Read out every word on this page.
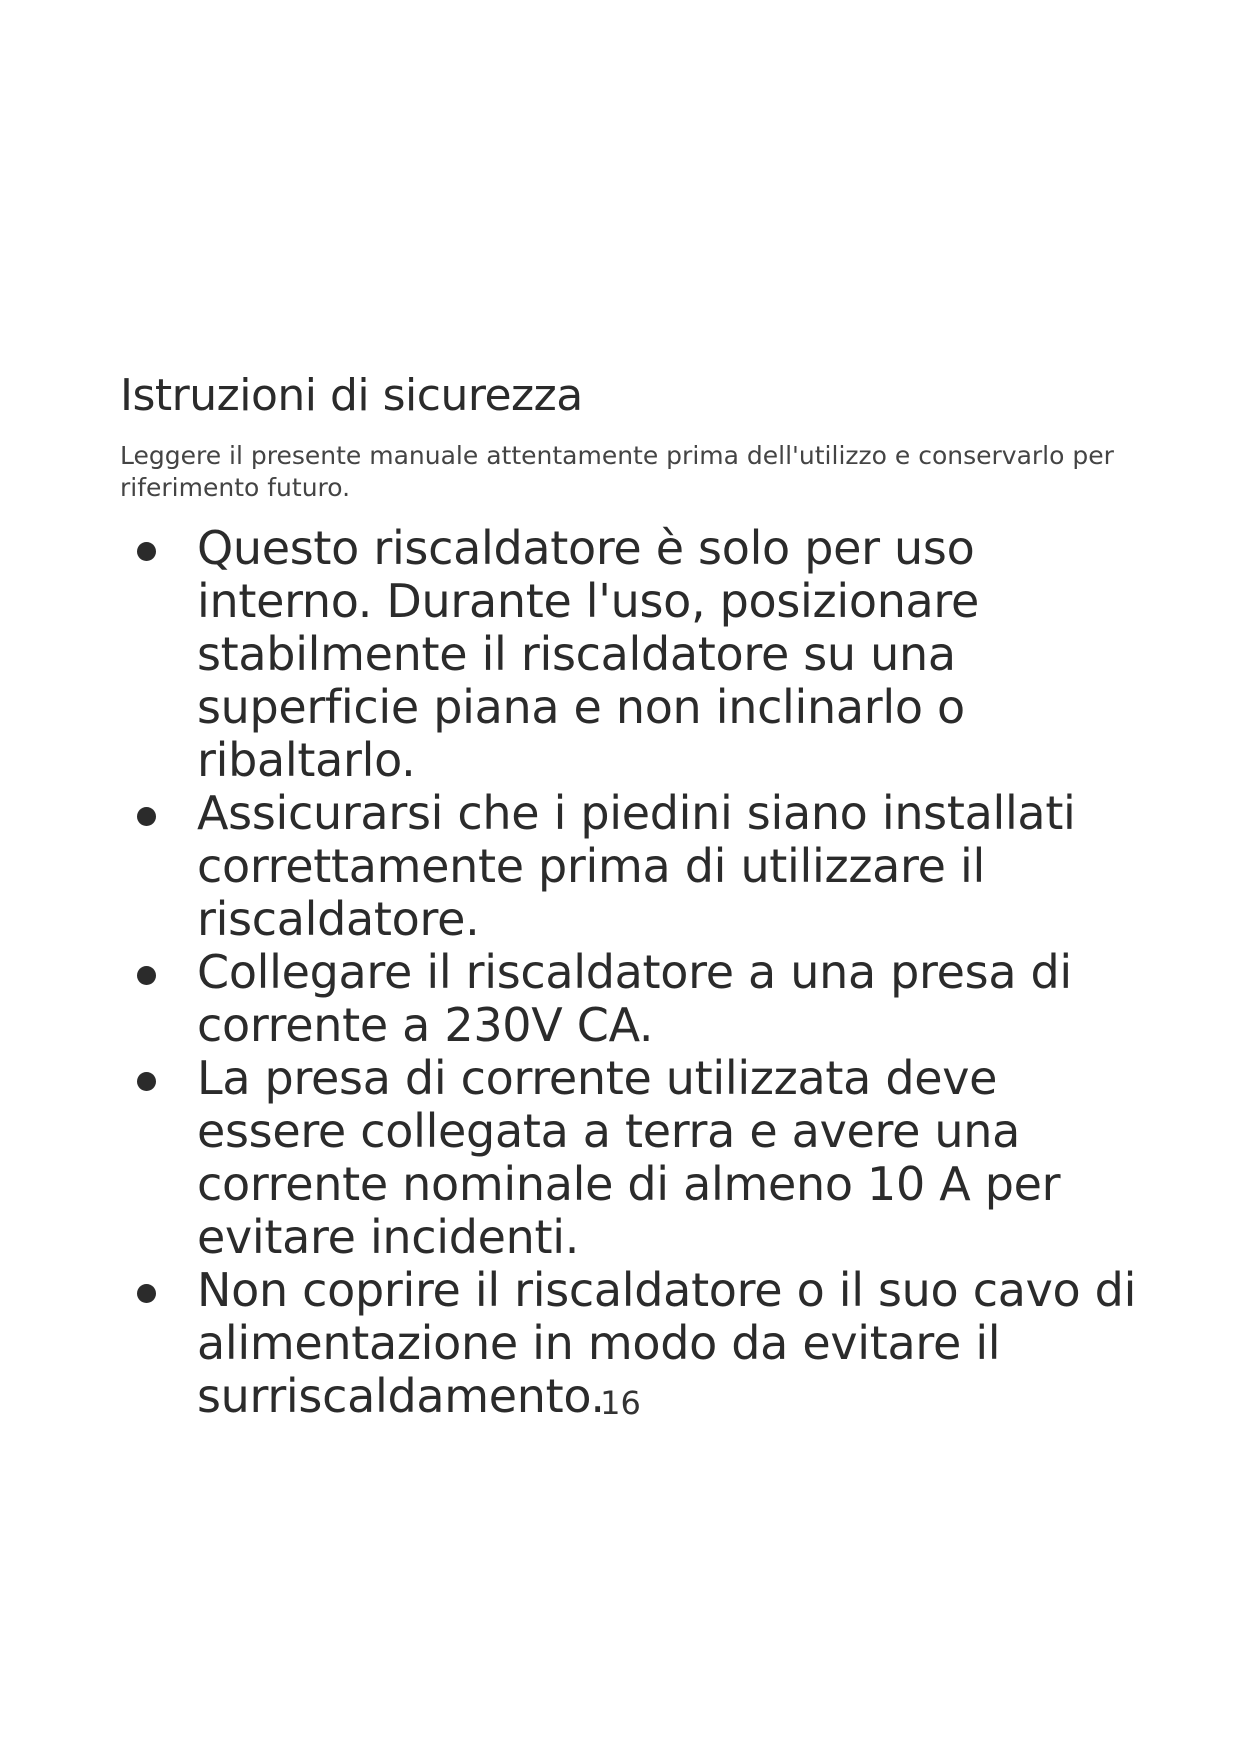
Istruzioni di sicurezza

Leggere il presente manuale attentamente prima dell'utilizzo e conservarlo per riferimento futuro.

Questo riscaldatore è solo per uso interno. Durante l'uso, posizionare stabilmente il riscaldatore su una superficie piana e non inclinarlo o ribaltarlo.
Assicurarsi che i piedini siano installati correttamente prima di utilizzare il riscaldatore.
Collegare il riscaldatore a una presa di corrente a 230V CA.
La presa di corrente utilizzata deve essere collegata a terra e avere una corrente nominale di almeno 10 A per evitare incidenti.
Non coprire il riscaldatore o il suo cavo di alimentazione in modo da evitare il surriscaldamento.
16
